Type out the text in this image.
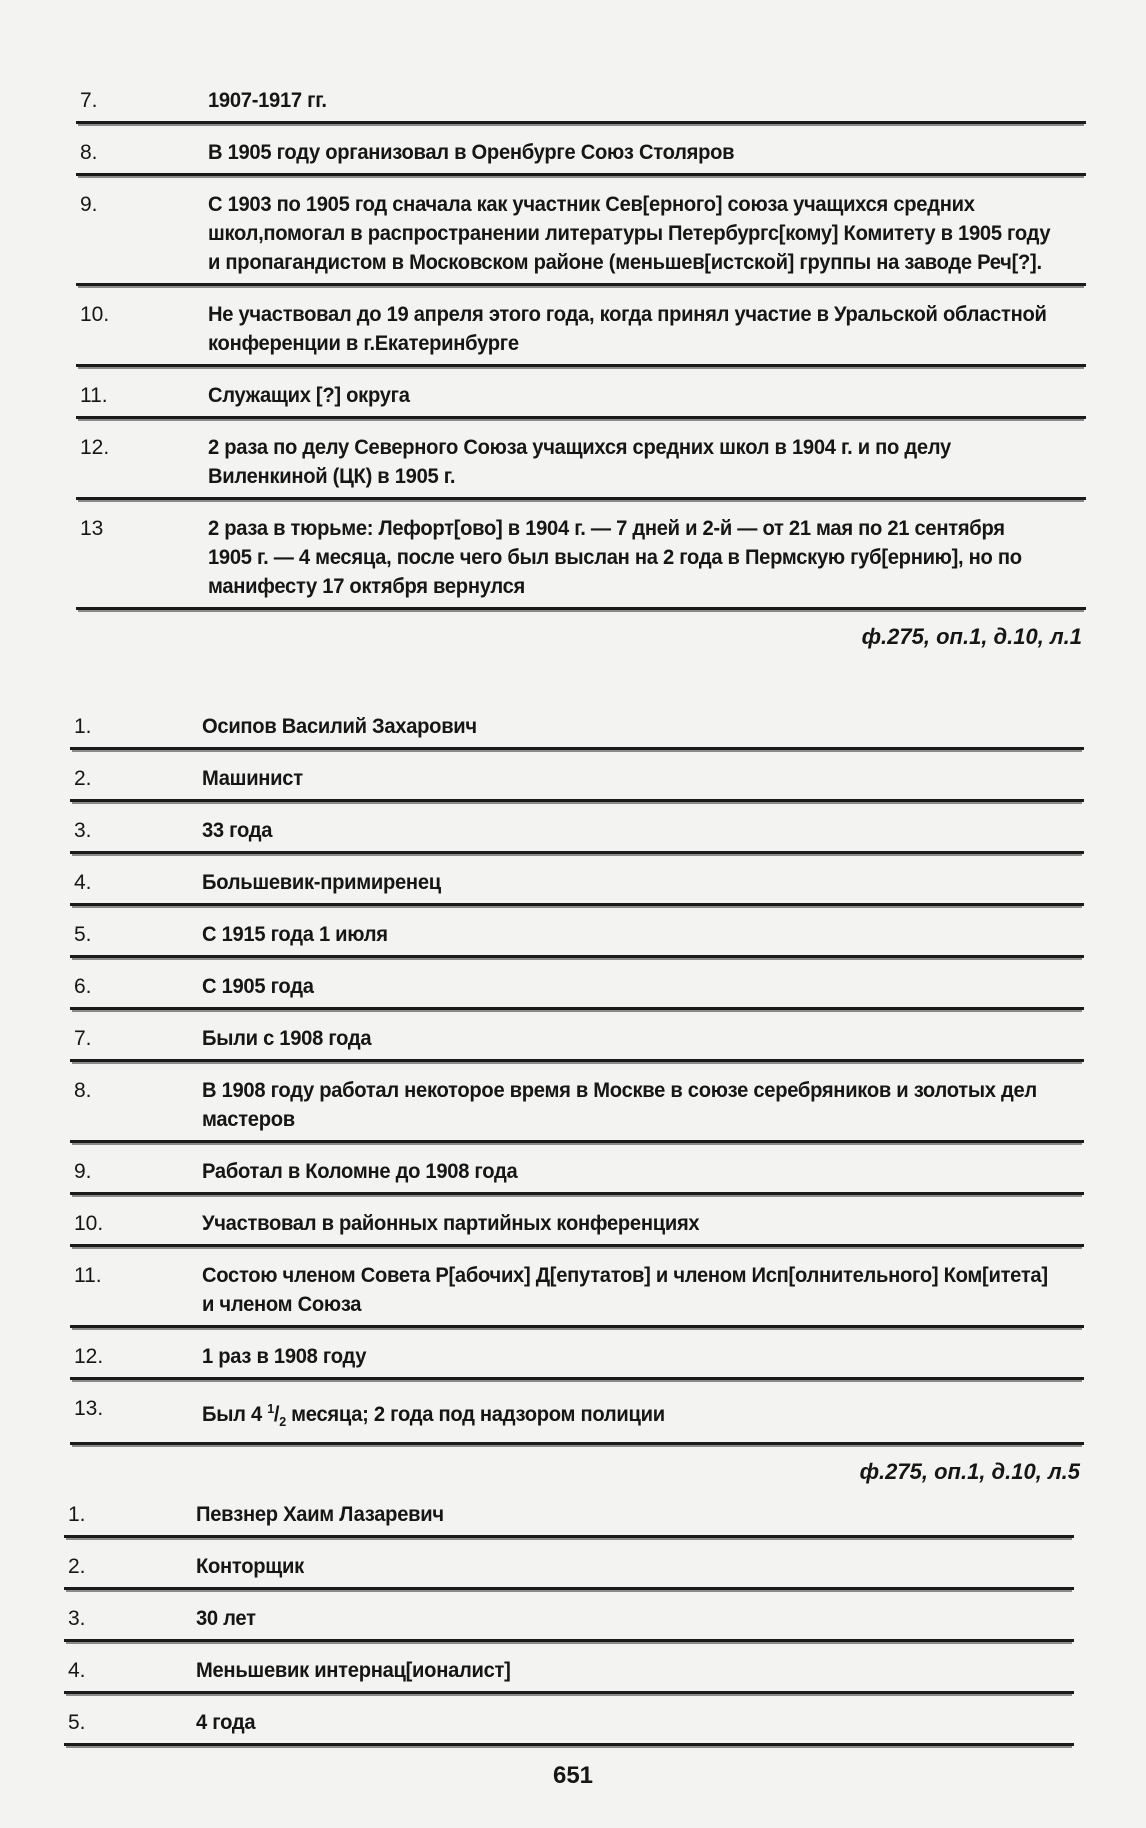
7.	1907-1917 гг.
8.	В 1905 году организовал в Оренбурге Союз Столяров
9.	С 1903 по 1905 год сначала как участник Сев[ерного] союза учащихся средних школ,помогал в распространении литературы Петербургс[кому] Комитету в 1905 году и пропагандистом в Московском районе (меньшев[истской] группы на заводе Реч[?].
10.	Не участвовал до 19 апреля этого года, когда принял участие в Уральской областной конференции в г.Екатеринбурге
11.	Служащих [?] округа
12.	2 раза по делу Северного Союза учащихся средних школ в 1904 г. и по делу Виленкиной (ЦК) в 1905 г.
13	2 раза в тюрьме: Лефорт[ово] в 1904 г. — 7 дней и 2-й — от 21 мая по 21 сентября 1905 г. — 4 месяца, после чего был выслан на 2 года в Пермскую губ[ернию], но по манифесту 17 октября вернулся
ф.275, оп.1, д.10, л.1
1.	Осипов Василий Захарович
2.	Машинист
3.	33 года
4.	Большевик-примиренец
5.	С 1915 года 1 июля
6.	С 1905 года
7.	Были с 1908 года
8.	В 1908 году работал некоторое время в Москве в союзе серебряников и золотых дел мастеров
9.	Работал в Коломне до 1908 года
10.	Участвовал в районных партийных конференциях
11.	Состою членом Совета Р[абочих] Д[епутатов] и членом Исп[олнительного] Ком[итета] и членом Союза
12.	1 раз в 1908 году
13.	Был 4 $^1/_2$ месяца; 2 года под надзором полиции
ф.275, оп.1, д.10, л.5
1.	Певзнер Хаим Лазаревич
2.	Конторщик
3.	30 лет
4.	Меньшевик интернац[ионалист]
5.	4 года
651
